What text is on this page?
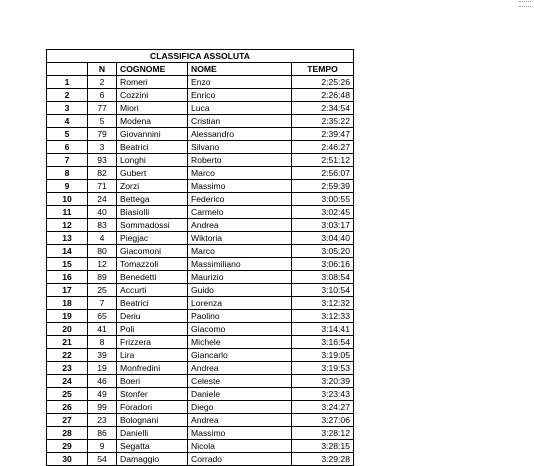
CLASSIFICA ASSOLUTA				
	N	COGNOME	NOME	TEMPO
1	2	Romeri	Enzo	2:25:26
2	6	Cozzini	Enrico	2:26:48
3	77	Miori	Luca	2:34:54
4	5	Modena	Cristian	2:35:22
5	79	Giovannini	Alessandro	2:39:47
6	3	Beatrici	Silvano	2:46:27
7	93	Longhi	Roberto	2:51:12
8	82	Gubert	Marco	2:56:07
9	71	Zorzi	Massimo	2:59:39
10	24	Bettega	Federico	3:00:55
11	40	Biasiolli	Carmelo	3:02:45
12	83	Sommadossi	Andrea	3:03:17
13	4	Piegjac	Wiktoria	3:04:40
14	80	Giacomoni	Marco	3:05:20
15	12	Tomazzoli	Massimiliano	3:06:16
16	89	Benedetti	Maurizio	3:08:54
17	25	Accurti	Guido	3:10:54
18	7	Beatrici	Lorenza	3:12:32
19	65	Deriu	Paolino	3:12:33
20	41	Poli	Giacomo	3:14:41
21	8	Frizzera	Michele	3:16:54
22	39	Lira	Giancarlo	3:19:05
23	19	Monfredini	Andrea	3:19:53
24	46	Boeri	Celeste	3:20:39
25	49	Stonfer	Daniele	3:23:43
26	99	Foradori	Diego	3:24:27
27	23	Bolognani	Andrea	3:27:06
28	86	Danielli	Massimo	3:28:12
29	9	Segatta	Nicola	3:28:15
30	54	Damaggio	Corrado	3:29:28
